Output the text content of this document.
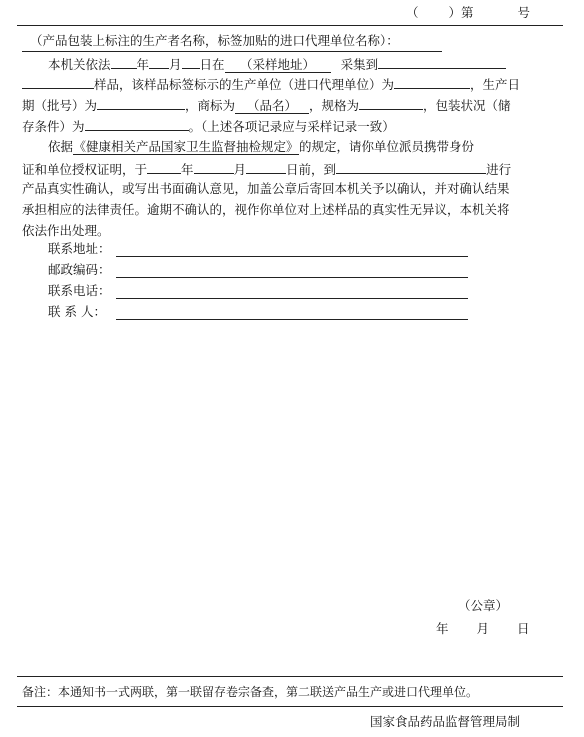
（ ）第	号
（产品包装上标注的生产者名称，标签加贴的进口代理单位名称）：
本机关依法 年 月 日在 （采样地址） 采集到
样品，该样品标签标示的生产单位（进口代理单位）为	，生产日
期（批号）为	，商标为 （品名） ，规格为	，包装状况（储
存条件）为	。（上述各项记录应与采样记录一致）
依据《健康相关产品国家卫生监督抽检规定》的规定，请你单位派员携带身份
证和单位授权证明，于	年	月	日前，到	进行
产品真实性确认，或写出书面确认意见，加盖公章后寄回本机关予以确认，并对确认结果
承担相应的法律责任。逾期不确认的，视作你单位对上述样品的真实性无异议，本机关将
依法作出处理。
联系地址：
邮政编码：
联系电话：
联 系 人：
（公章）
年 月 日
备注：本通知书一式两联，第一联留存卷宗备查，第二联送产品生产或进口代理单位。
国家食品药品监督管理局制
